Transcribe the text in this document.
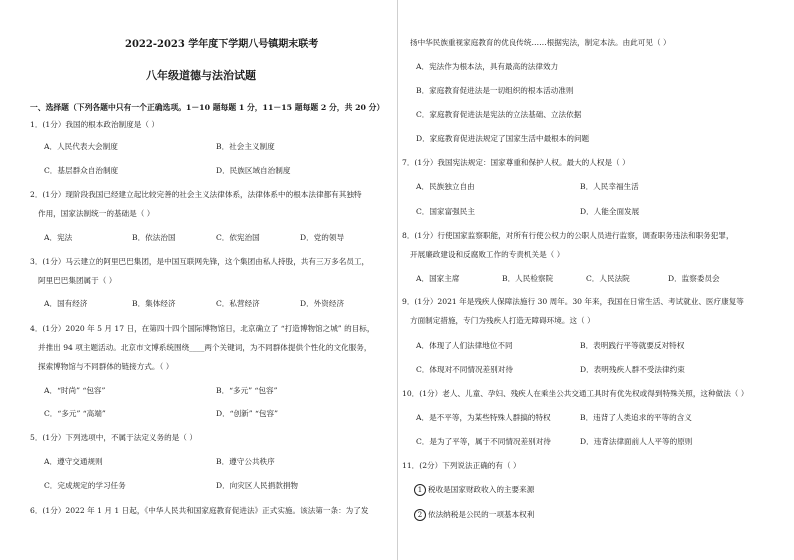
2022-2023 学年度下学期八号镇期末联考
八年级道德与法治试题
一、选择题（下列各题中只有一个正确选项。1－10 题每题 1 分，11－15 题每题 2 分，共 20 分）
1．(1分）我国的根本政治制度是（ ）
A．人民代表大会制度	B．社会主义制度
C．基层群众自治制度	D．民族区域自治制度
2．(1分）现阶段我国已经建立起比较完善的社会主义法律体系，法律体系中的根本法律都有其独特
作用，国家法制统一的基础是（ ）
A．宪法	B．依法治国	C．依宪治国	D．党的领导
3．(1分）马云建立的阿里巴巴集团，是中国互联网先锋，这个集团由私人持股，共有三万多名员工，
阿里巴巴集团属于（ ）
A．国有经济	B．集体经济	C．私营经济	D．外资经济
4．(1分）2020 年 5 月 17 日，在第四十四个国际博物馆日，北京确立了 “打造博物馆之城” 的目标，
并推出 94 项主题活动。北京市文博系统围绕____两个关键词，为不同群体提供个性化的文化服务，
探索博物馆与不同群体的链接方式。（ ）
A．“时尚” “包容”	B．“多元” “包容”
C．“多元” “高端”	D．“创新” “包容”
5．(1分）下列选项中，不属于法定义务的是（ ）
A．遵守交通规则	B．遵守公共秩序
C．完成规定的学习任务	D．向灾区人民捐款捐物
6．(1分）2022 年 1 月 1 日起，《中华人民共和国家庭教育促进法》正式实施。该法第一条：为了发
扬中华民族重视家庭教育的优良传统……根据宪法，制定本法。由此可见（ ）
A．宪法作为根本法，具有最高的法律效力
B．家庭教育促进法是一切组织的根本活动准则
C．家庭教育促进法是宪法的立法基础、立法依据
D．家庭教育促进法规定了国家生活中最根本的问题
7．(1分）我国宪法规定：国家尊重和保护人权。最大的人权是（ ）
A．民族独立自由	B．人民幸福生活
C．国家富强民主	D．人能全面发展
8．(1分）行使国家监察职能，对所有行使公权力的公职人员进行监察，调查职务违法和职务犯罪，
开展廉政建设和反腐败工作的专责机关是（ ）
A．国家主席	B．人民检察院	C．人民法院	D．监察委员会
9．(1分）2021 年是残疾人保障法施行 30 周年。30 年来，我国在日常生活、考试就业、医疗康复等
方面制定措施，专门为残疾人打造无障碍环境。这（ ）
A．体现了人们法律地位不同	B．表明践行平等就要反对特权
C．体现对不同情况差别对待	D．表明残疾人群不受法律约束
10．(1分）老人、儿童、孕妇、残疾人在乘坐公共交通工具时有优先权或得到特殊关照，这种做法（ ）
A．是不平等，为某些特殊人群搞的特权	B．违背了人类追求的平等的含义
C．是为了平等，属于不同情况差别对待	D．违背法律面前人人平等的原则
11．(2分）下列说法正确的有（ ）
1 税收是国家财政收入的主要来源
2 依法纳税是公民的一项基本权利
